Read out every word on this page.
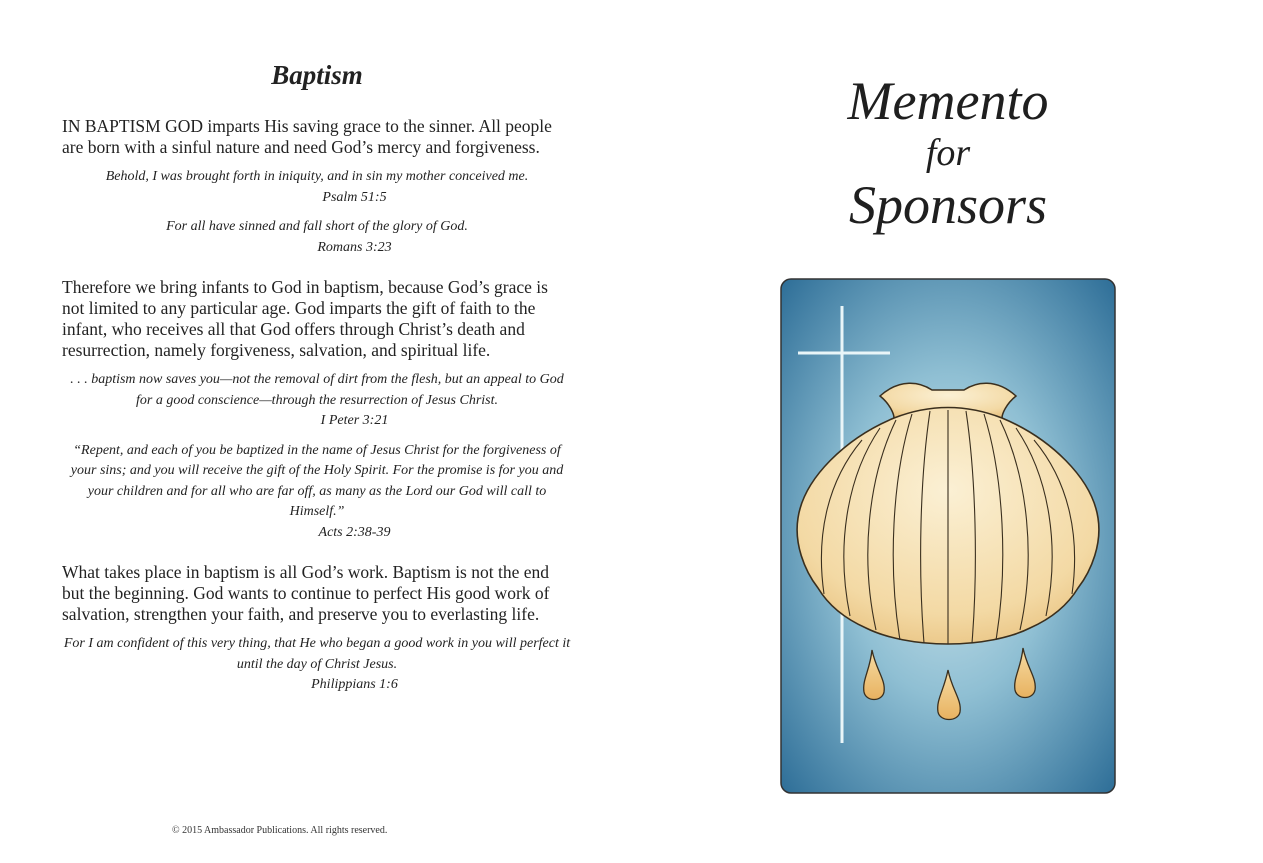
Baptism

IN BAPTISM GOD imparts His saving grace to the sinner. All people are born with a sinful nature and need God’s mercy and forgiveness.

Behold, I was brought forth in iniquity, and in sin my mother conceived me.

Psalm 51:5

For all have sinned and fall short of the glory of God.

Romans 3:23

Therefore we bring infants to God in baptism, because God’s grace is not limited to any particular age. God imparts the gift of faith to the infant, who receives all that God offers through Christ’s death and resurrection, namely forgiveness, salvation, and spiritual life.

. . . baptism now saves you—not the removal of dirt from the flesh, but an appeal to God for a good conscience—through the resurrection of Jesus Christ.

I Peter 3:21

“Repent, and each of you be baptized in the name of Jesus Christ for the forgiveness of your sins; and you will receive the gift of the Holy Spirit. For the promise is for you and your children and for all who are far off, as many as the Lord our God will call to Himself.”

Acts 2:38-39

What takes place in baptism is all God’s work. Baptism is not the end but the beginning. God wants to continue to perfect His good work of salvation, strengthen your faith, and preserve you to everlasting life.

For I am confident of this very thing, that He who began a good work in you will perfect it until the day of Christ Jesus.

Philippians 1:6

© 2015 Ambassador Publications. All rights reserved.
Memento
for
Sponsors
